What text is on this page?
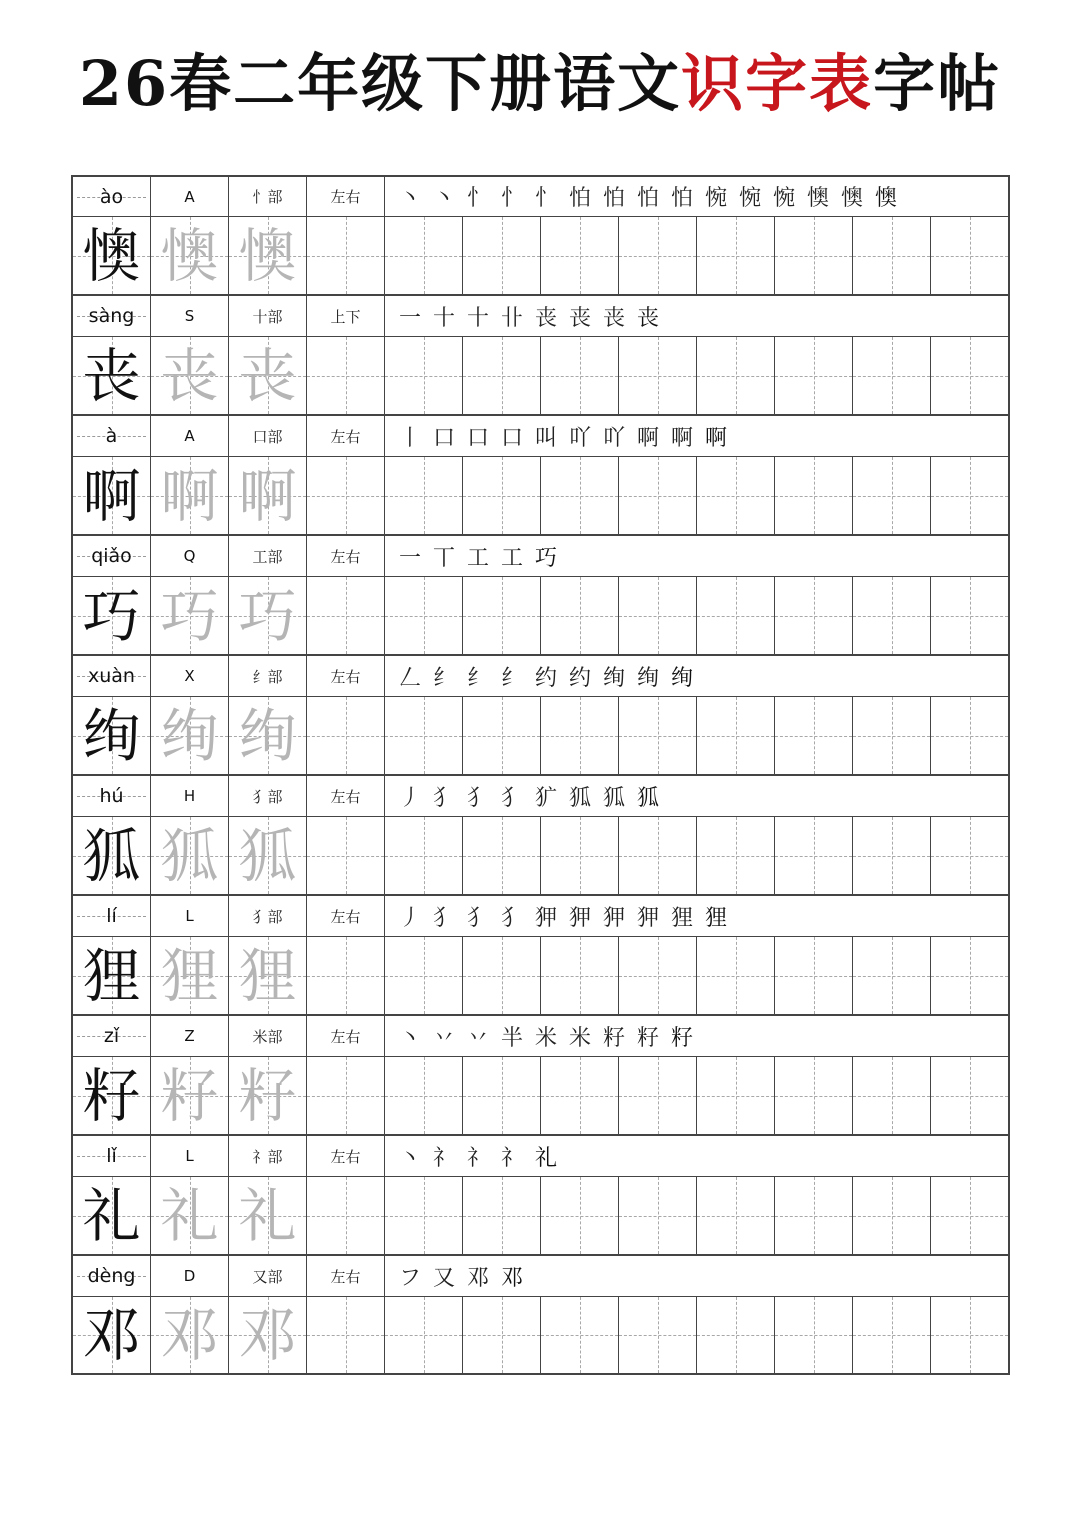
26春二年级下册语文识字表字帖
ào	A	忄部	左右 丶 丶 忄 忄 忄 怕 怕 怕 怕 惋 惋 惋 懊 懊 懊
懊 懊 懊
sàng	S	十部	上下 一 十 十 卝 丧 丧 丧 丧
丧 丧 丧
à	A	口部	左右 丨 口 口 口 叫 吖 吖 啊 啊 啊
啊 啊 啊
qiǎo	Q	工部	左右 一 丅 工 工 巧
巧 巧 巧
xuàn	X	纟部	左右 𠃋 纟 纟 纟 约 约 绚 绚 绚
绚 绚 绚
hú	H	犭部	左右 丿 犭 犭 犭 犷 狐 狐 狐
狐 狐 狐
lí	L	犭部	左右 丿 犭 犭 犭 狎 狎 狎 狎 狸 狸
狸 狸 狸
zǐ	Z	米部	左右 丶 丷 丷 半 米 米 籽 籽 籽
籽 籽 籽
lǐ	L	礻部	左右 丶 礻 礻 礻 礼
礼 礼 礼
dèng	D	又部	左右 フ 又 邓 邓
邓 邓 邓
